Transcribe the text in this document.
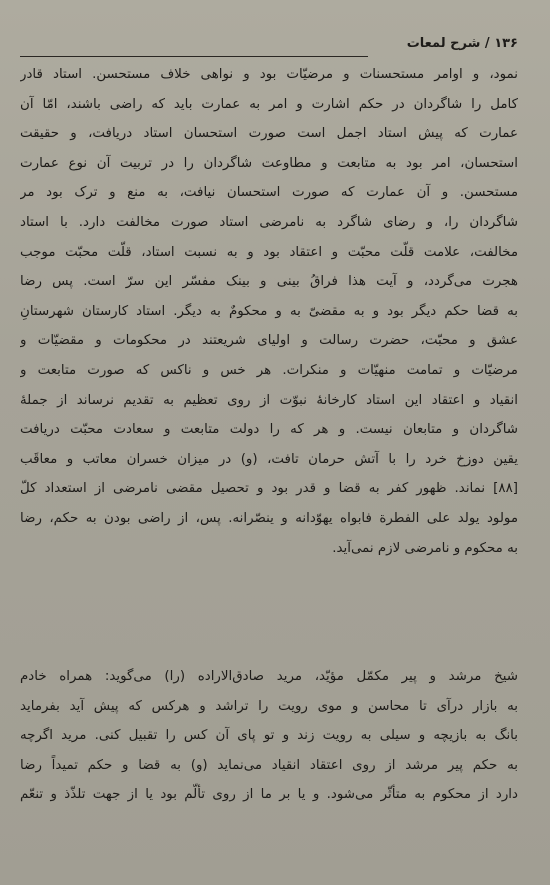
۱۳۶ / شرح لمعات
نمود، و اوامر مستحسنات و مرضیّات بود و نواهی خلاف مستحسن. استاد قادر
کامل را شاگردان در حکم اشارت و امر به عمارت باید که راضی باشند، امّا آن
عمارت که پیش استاد اجمل است صورت استحسان استاد دریافت، و حقیقت
استحسان، امر بود به متابعت و مطاوعت شاگردان را در تربیت آن نوع عمارت
مستحسن. و آن عمارت که صورت استحسان نیافت، به منع و ترک بود مر
شاگردان را، و رضای شاگرد به نامرضی استاد صورت مخالفت دارد. با استاد
مخالفت، علامت قلّت محبّت و اعتقاد بود و به نسبت استاد، قلّت محبّت موجب
هجرت می‌گردد، و آیت هذا فراقُ بینی و بینک مفسّر این سرّ است. پس رضا
به قضا حکم دیگر بود و به مقضیّ به و محکومٌ به دیگر. استاد کارستان شهرستانِ
عشق و محبّت، حضرت رسالت و اولیای شریعتند در محکومات و مقضیّات و
مرضیّات و تمامت منهیّات و منکرات. هر خس و ناکس که صورت متابعت و
انقیاد و اعتقاد این استاد کارخانهٔ نبوّت از روی تعظیم به تقدیم نرساند از جملهٔ
شاگردان و متابعان نیست. و هر که را دولت متابعت و سعادت محبّت دریافت
یقین دوزخ خرد را با آتش حرمان تافت، (و) در میزان خسران معاتب و معاقَب
[۸۸] نماند. ظهور کفر به قضا و قدر بود و تحصیل مقضی نامرضی از استعداد کلّ
مولود یولد علی الفطرة فابواه یهوّدانه و ینصّرانه. پس، از راضی بودن به حکم، رضا
به محکوم و نامرضی لازم نمی‌آید.
شیخ مرشد و پیر مکمّل مؤیّد، مرید صادق‌الاراده (را) می‌گوید: همراه خادم
به بازار درآی تا محاسن و موی رویت را تراشد و هرکس که پیش آید بفرماید
بانگ به بازیچه و سیلی به رویت زند و تو پای آن کس را تقبیل کنی. مرید اگرچه
به حکم پیر مرشد از روی اعتقاد انقیاد می‌نماید (و) به قضا و حکم تمیداً رضا
دارد از محکوم به متأثّر می‌شود. و یا بر ما از روی تألّم بود یا از جهت تلذّذ و تنعّم
